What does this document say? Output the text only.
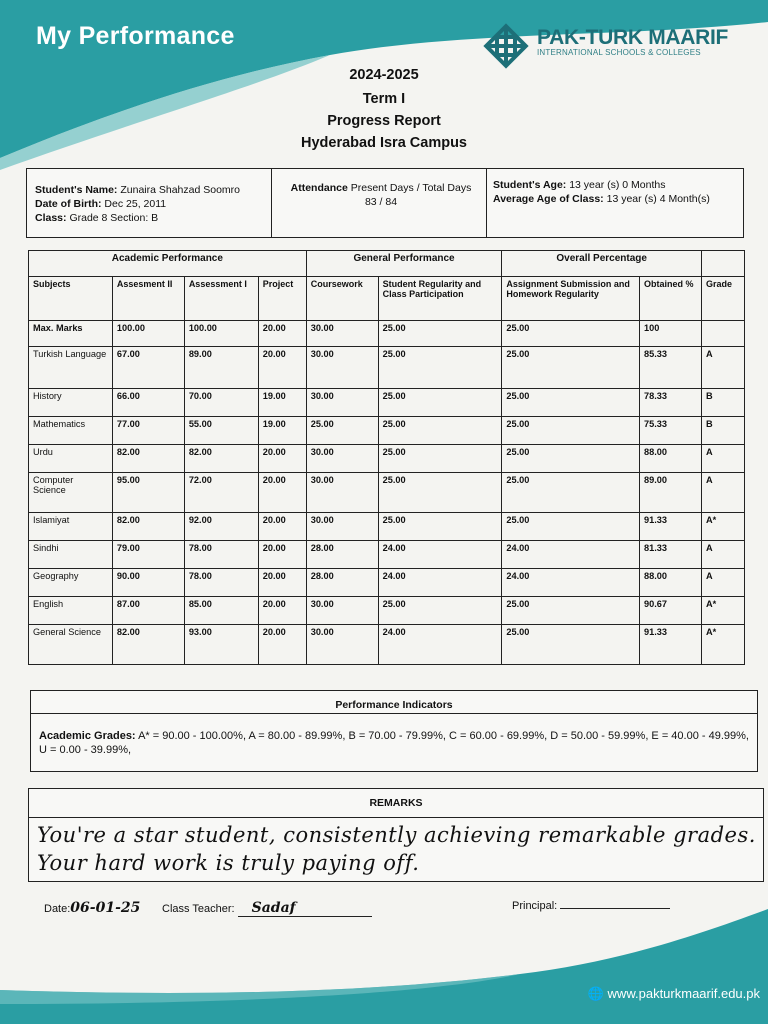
My Performance	PAK-TURK MAARIF
INTERNATIONAL SCHOOLS & COLLEGES
2024-2025
Term I
Progress Report
Hyderabad Isra Campus
Student's Name: Zunaira Shahzad Soomro
Date of Birth: Dec 25, 2011
Class: Grade 8 Section: B
Attendance Present Days / Total Days
83 / 84
Student's Age: 13 year (s) 0 Months
Average Age of Class: 13 year (s) 4 Month(s)
Academic Performance				General Performance		Overall Percentage		
Subjects	Assesment II	Assessment I	Project	Coursework	Student Regularity and Class Participation	Assignment Submission and Homework Regularity	Obtained %	Grade
Max. Marks	100.00	100.00	20.00	30.00	25.00	25.00	100	
Turkish Language	67.00	89.00	20.00	30.00	25.00	25.00	85.33	A
History	66.00	70.00	19.00	30.00	25.00	25.00	78.33	B
Mathematics	77.00	55.00	19.00	25.00	25.00	25.00	75.33	B
Urdu	82.00	82.00	20.00	30.00	25.00	25.00	88.00	A
Computer Science	95.00	72.00	20.00	30.00	25.00	25.00	89.00	A
Islamiyat	82.00	92.00	20.00	30.00	25.00	25.00	91.33	A*
Sindhi	79.00	78.00	20.00	28.00	24.00	24.00	81.33	A
Geography	90.00	78.00	20.00	28.00	24.00	24.00	88.00	A
English	87.00	85.00	20.00	30.00	25.00	25.00	90.67	A*
General Science	82.00	93.00	20.00	30.00	24.00	25.00	91.33	A*
Performance Indicators
Academic Grades: A* = 90.00 - 100.00%, A = 80.00 - 89.99%, B = 70.00 - 79.99%, C = 60.00 - 69.99%, D = 50.00 - 59.99%, E = 40.00 - 49.99%, U = 0.00 - 39.99%,
REMARKS
You're a star student, consistently achieving remarkable grades. Your hard work is truly paying off.
Date:06-01-25 Class Teacher: Sadaf	Principal:
🌐 www.pakturkmaarif.edu.pk
